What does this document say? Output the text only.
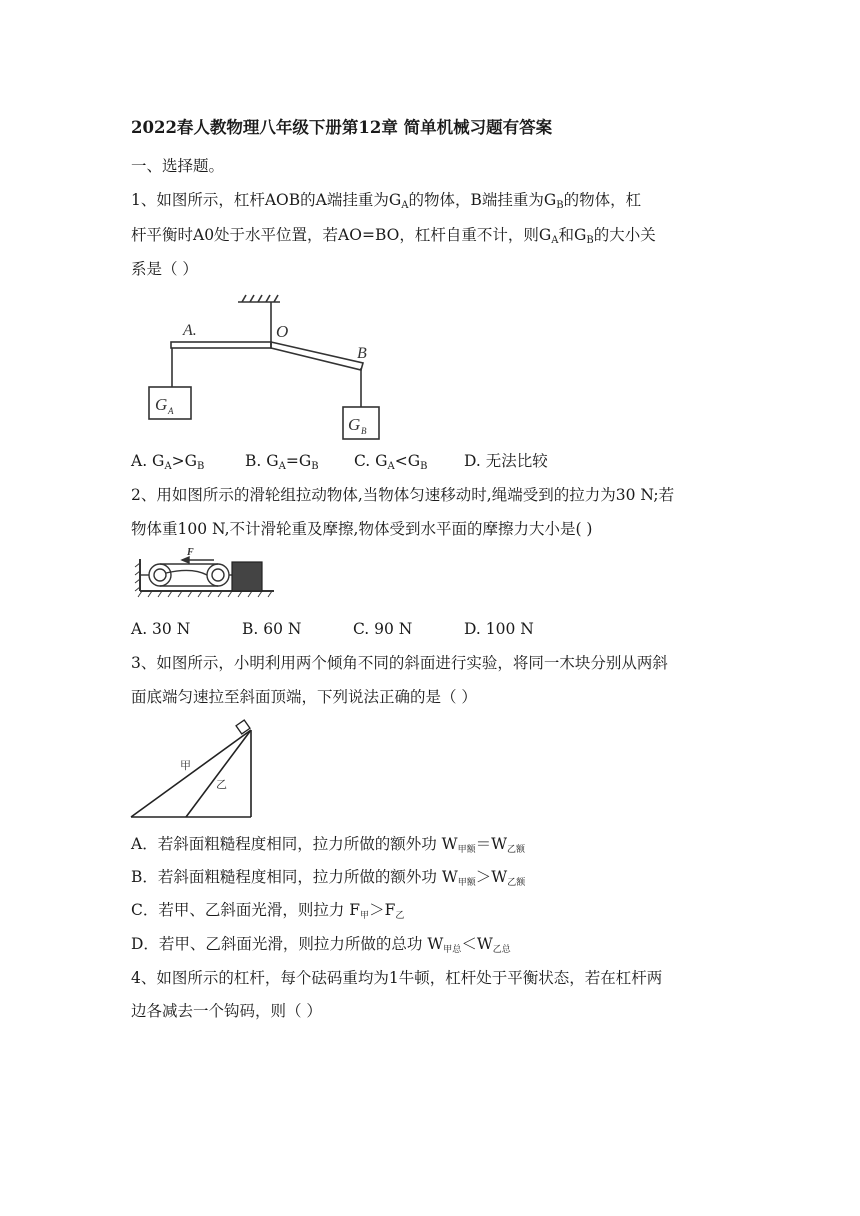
2022春人教物理八年级下册第12章 简单机械习题有答案
一、选择题。
1、如图所示，杠杆AOB的A端挂重为$G_A$的物体，B端挂重为$G_B$的物体，杠
杆平衡时A0处于水平位置，若AO=BO，杠杆自重不计，则$G_A$和$G_B$的大小关
系是（ ）
A.	O
B
G A
G B
A. $G_A>G_B$	B. $G_A=G_B$ C. $G_A<G_B$ D. 无法比较
2、用如图所示的滑轮组拉动物体,当物体匀速移动时,绳端受到的拉力为30 N;若
物体重100 N,不计滑轮重及摩擦,物体受到水平面的摩擦力大小是( )
F
A. 30 N	B. 60 N	C. 90 N	D. 100 N
3、如图所示，小明利用两个倾角不同的斜面进行实验，将同一木块分别从两斜
面底端匀速拉至斜面顶端，下列说法正确的是（ ）
甲
乙
A．若斜面粗糙程度相同，拉力所做的额外功 W甲额＝W乙额
B．若斜面粗糙程度相同，拉力所做的额外功 W甲额＞W乙额
C．若甲、乙斜面光滑，则拉力 F甲＞F乙
D．若甲、乙斜面光滑，则拉力所做的总功 W甲总＜W乙总
4、如图所示的杠杆，每个砝码重均为1牛顿，杠杆处于平衡状态，若在杠杆两
边各减去一个钩码，则（ ）
